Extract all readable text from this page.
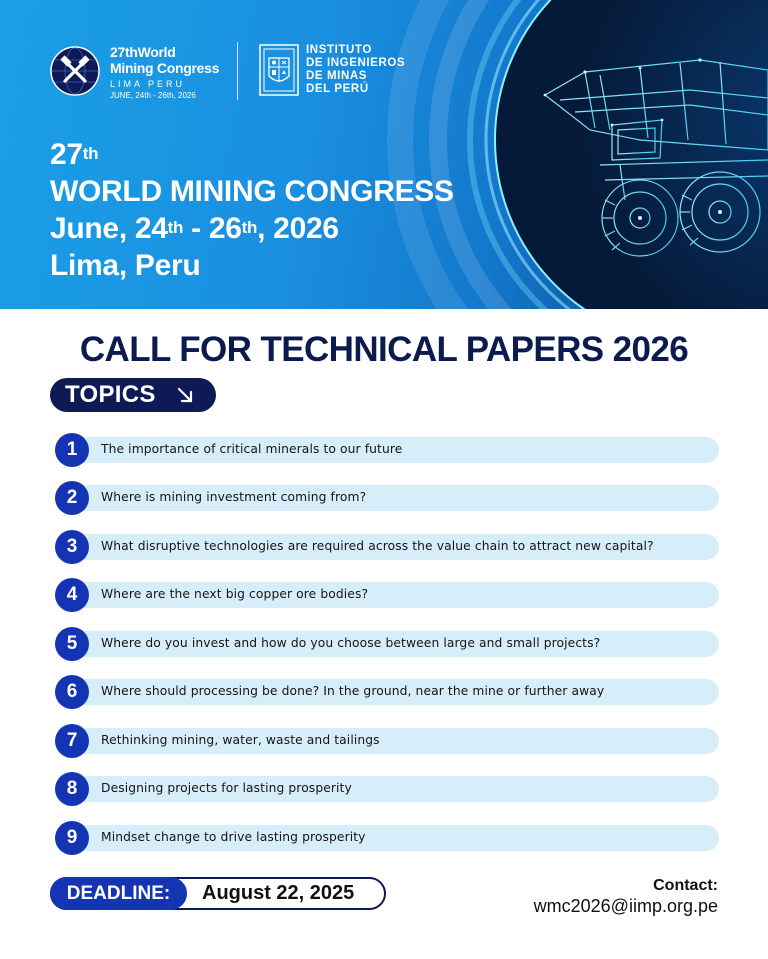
27thWorld
Mining Congress
LIMA PERU
JUNE, 24th - 26th, 2026
INSTITUTO
DE INGENIEROS
DE MINAS
DEL PERÚ
27th
WORLD MINING CONGRESS
June, 24th - 26th, 2026
Lima, Peru
CALL FOR TECHNICAL PAPERS 2026
TOPICS
1	The importance of critical minerals to our future
2	Where is mining investment coming from?
3	What disruptive technologies are required across the value chain to attract new capital?
4	Where are the next big copper ore bodies?
5	Where do you invest and how do you choose between large and small projects?
6	Where should processing be done? In the ground, near the mine or further away
7	Rethinking mining, water, waste and tailings
8	Designing projects for lasting prosperity
9	Mindset change to drive lasting prosperity
DEADLINE:	August 22, 2025	Contact:
wmc2026@iimp.org.pe
